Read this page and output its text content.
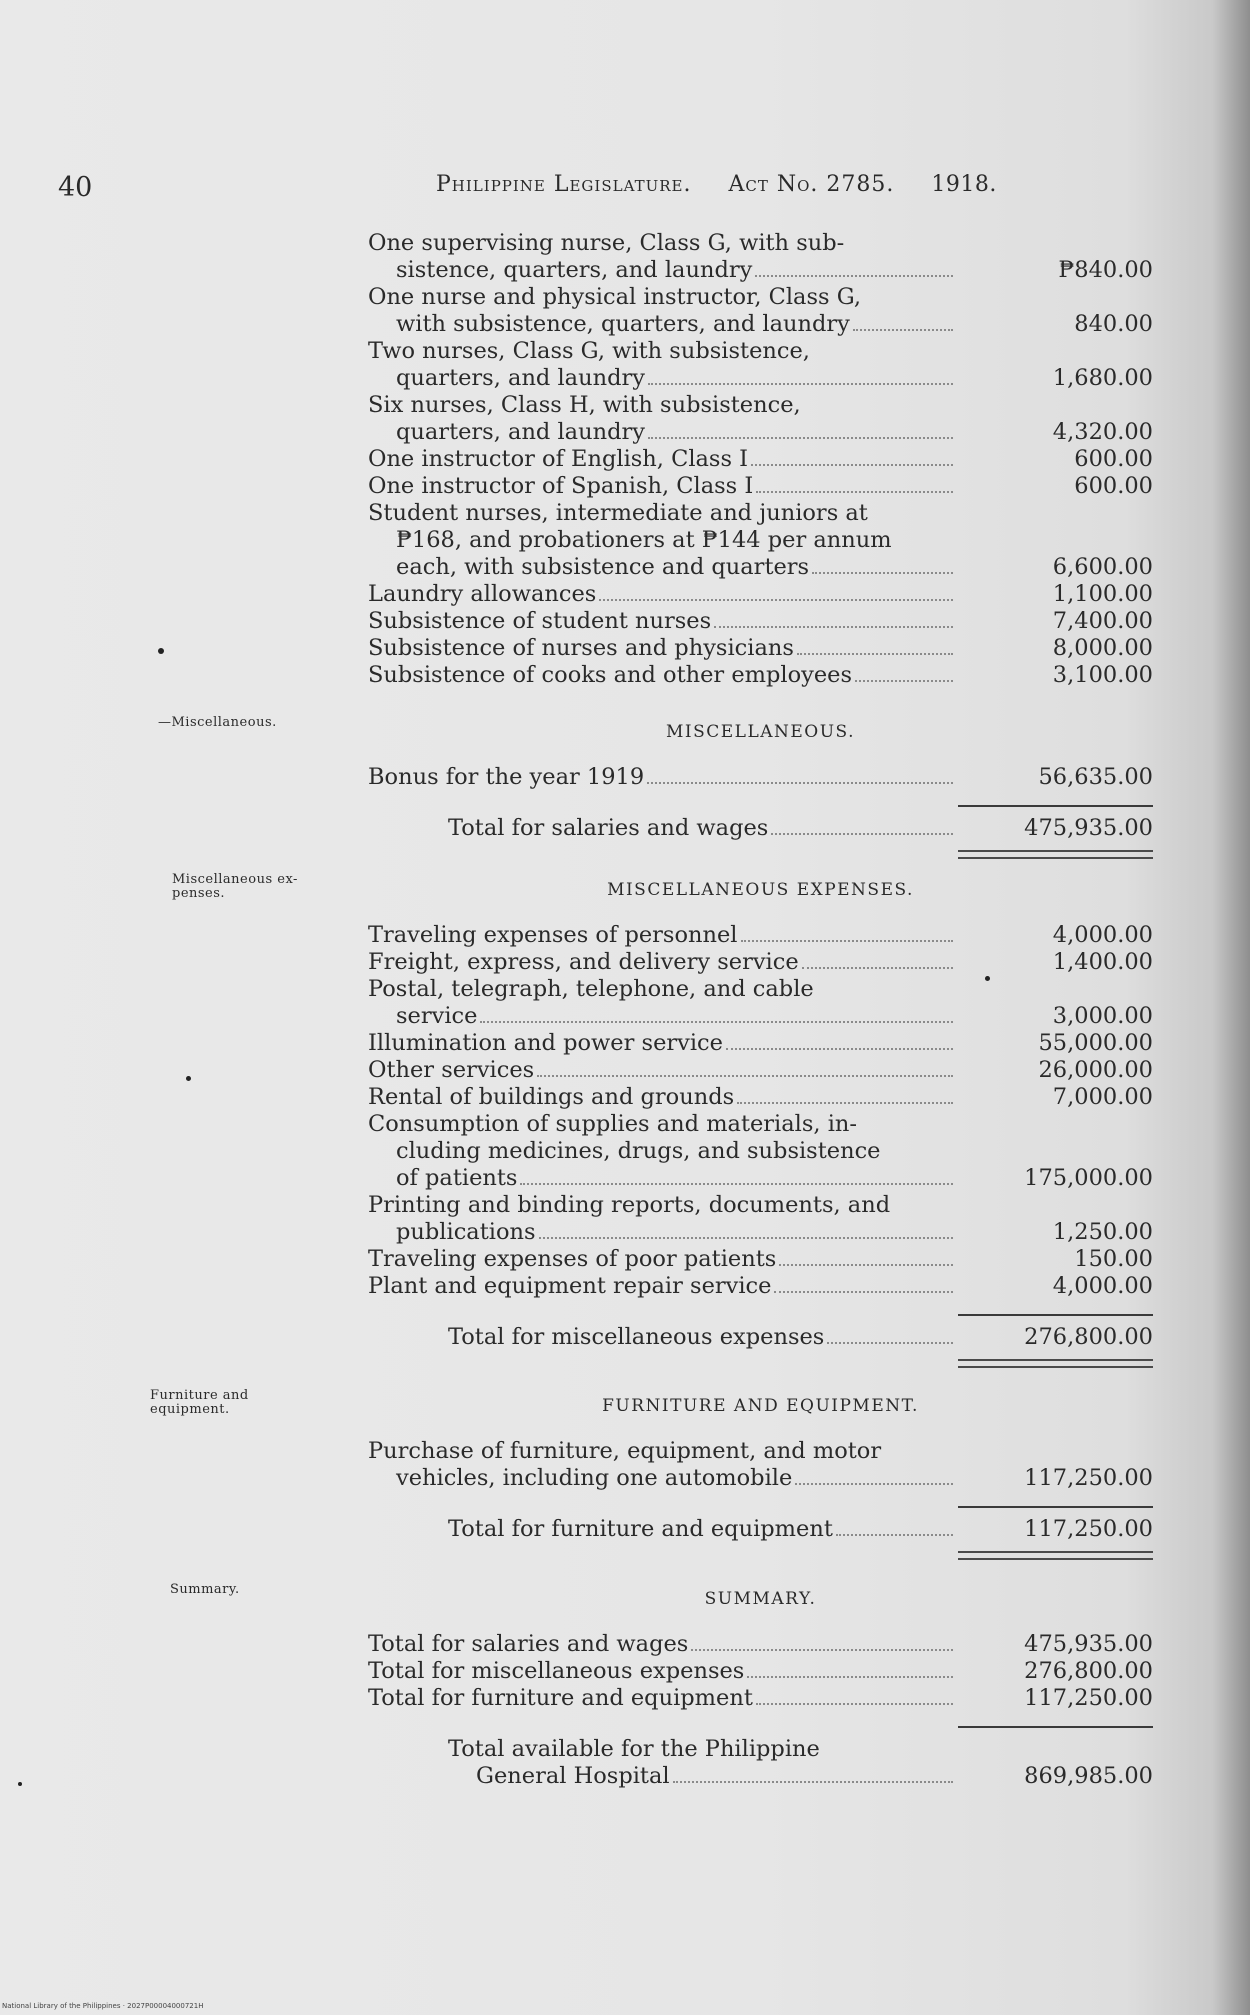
40	Philippine Legislature. Act No. 2785. 1918.
—Miscellaneous.
Miscellaneous ex-
penses.
Furniture and
equipment.
Summary.
One supervising nurse, Class G, with sub-
sistence, quarters, and laundry	₱840.00
One nurse and physical instructor, Class G,
with subsistence, quarters, and laundry	840.00
Two nurses, Class G, with subsistence,
quarters, and laundry	1,680.00
Six nurses, Class H, with subsistence,
quarters, and laundry	4,320.00
One instructor of English, Class I	600.00
One instructor of Spanish, Class I	600.00
Student nurses, intermediate and juniors at
₱168, and probationers at ₱144 per annum
each, with subsistence and quarters	6,600.00
Laundry allowances	1,100.00
Subsistence of student nurses	7,400.00
Subsistence of nurses and physicians	8,000.00
Subsistence of cooks and other employees	3,100.00
MISCELLANEOUS.
Bonus for the year 1919	56,635.00
Total for salaries and wages	475,935.00
MISCELLANEOUS EXPENSES.
Traveling expenses of personnel	4,000.00
Freight, express, and delivery service	1,400.00
Postal, telegraph, telephone, and cable
service	3,000.00
Illumination and power service	55,000.00
Other services	26,000.00
Rental of buildings and grounds	7,000.00
Consumption of supplies and materials, in-
cluding medicines, drugs, and subsistence
of patients	175,000.00
Printing and binding reports, documents, and
publications	1,250.00
Traveling expenses of poor patients	150.00
Plant and equipment repair service	4,000.00
Total for miscellaneous expenses	276,800.00
FURNITURE AND EQUIPMENT.
Purchase of furniture, equipment, and motor
vehicles, including one automobile	117,250.00
Total for furniture and equipment	117,250.00
SUMMARY.
Total for salaries and wages	475,935.00
Total for miscellaneous expenses	276,800.00
Total for furniture and equipment	117,250.00
Total available for the Philippine
General Hospital	869,985.00
National Library of the Philippines · 2027P00004000721H
